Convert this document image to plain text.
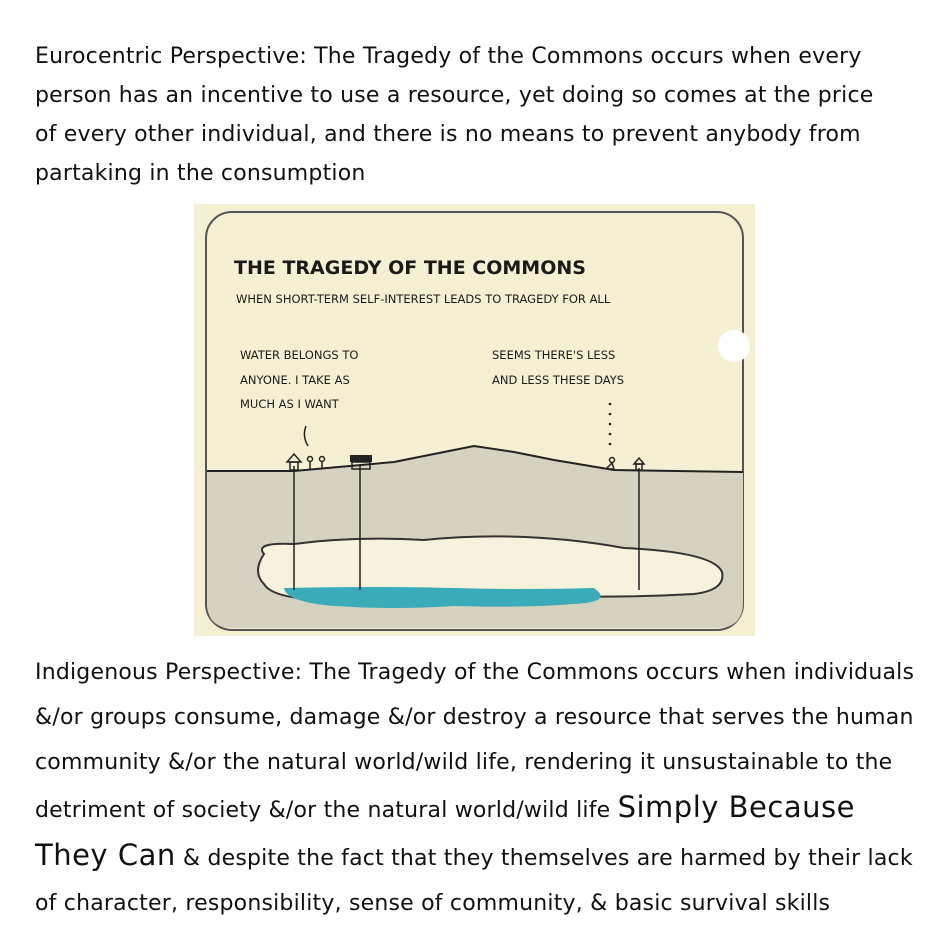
Eurocentric Perspective: The Tragedy of the Commons occurs when every
person has an incentive to use a resource, yet doing so comes at the price
of every other individual, and there is no means to prevent anybody from
partaking in the consumption
THE TRAGEDY OF THE COMMONS
WHEN SHORT-TERM SELF-INTEREST LEADS TO TRAGEDY FOR ALL
WATER BELONGS TO
ANYONE. I TAKE AS
MUCH AS I WANT
SEEMS THERE'S LESS
AND LESS THESE DAYS
Indigenous Perspective: The Tragedy of the Commons occurs when individuals
&/or groups consume, damage &/or destroy a resource that serves the human
community &/or the natural world/wild life, rendering it unsustainable to the
detriment of society &/or the natural world/wild life Simply Because
They Can & despite the fact that they themselves are harmed by their lack
of character, responsibility, sense of community, & basic survival skills
